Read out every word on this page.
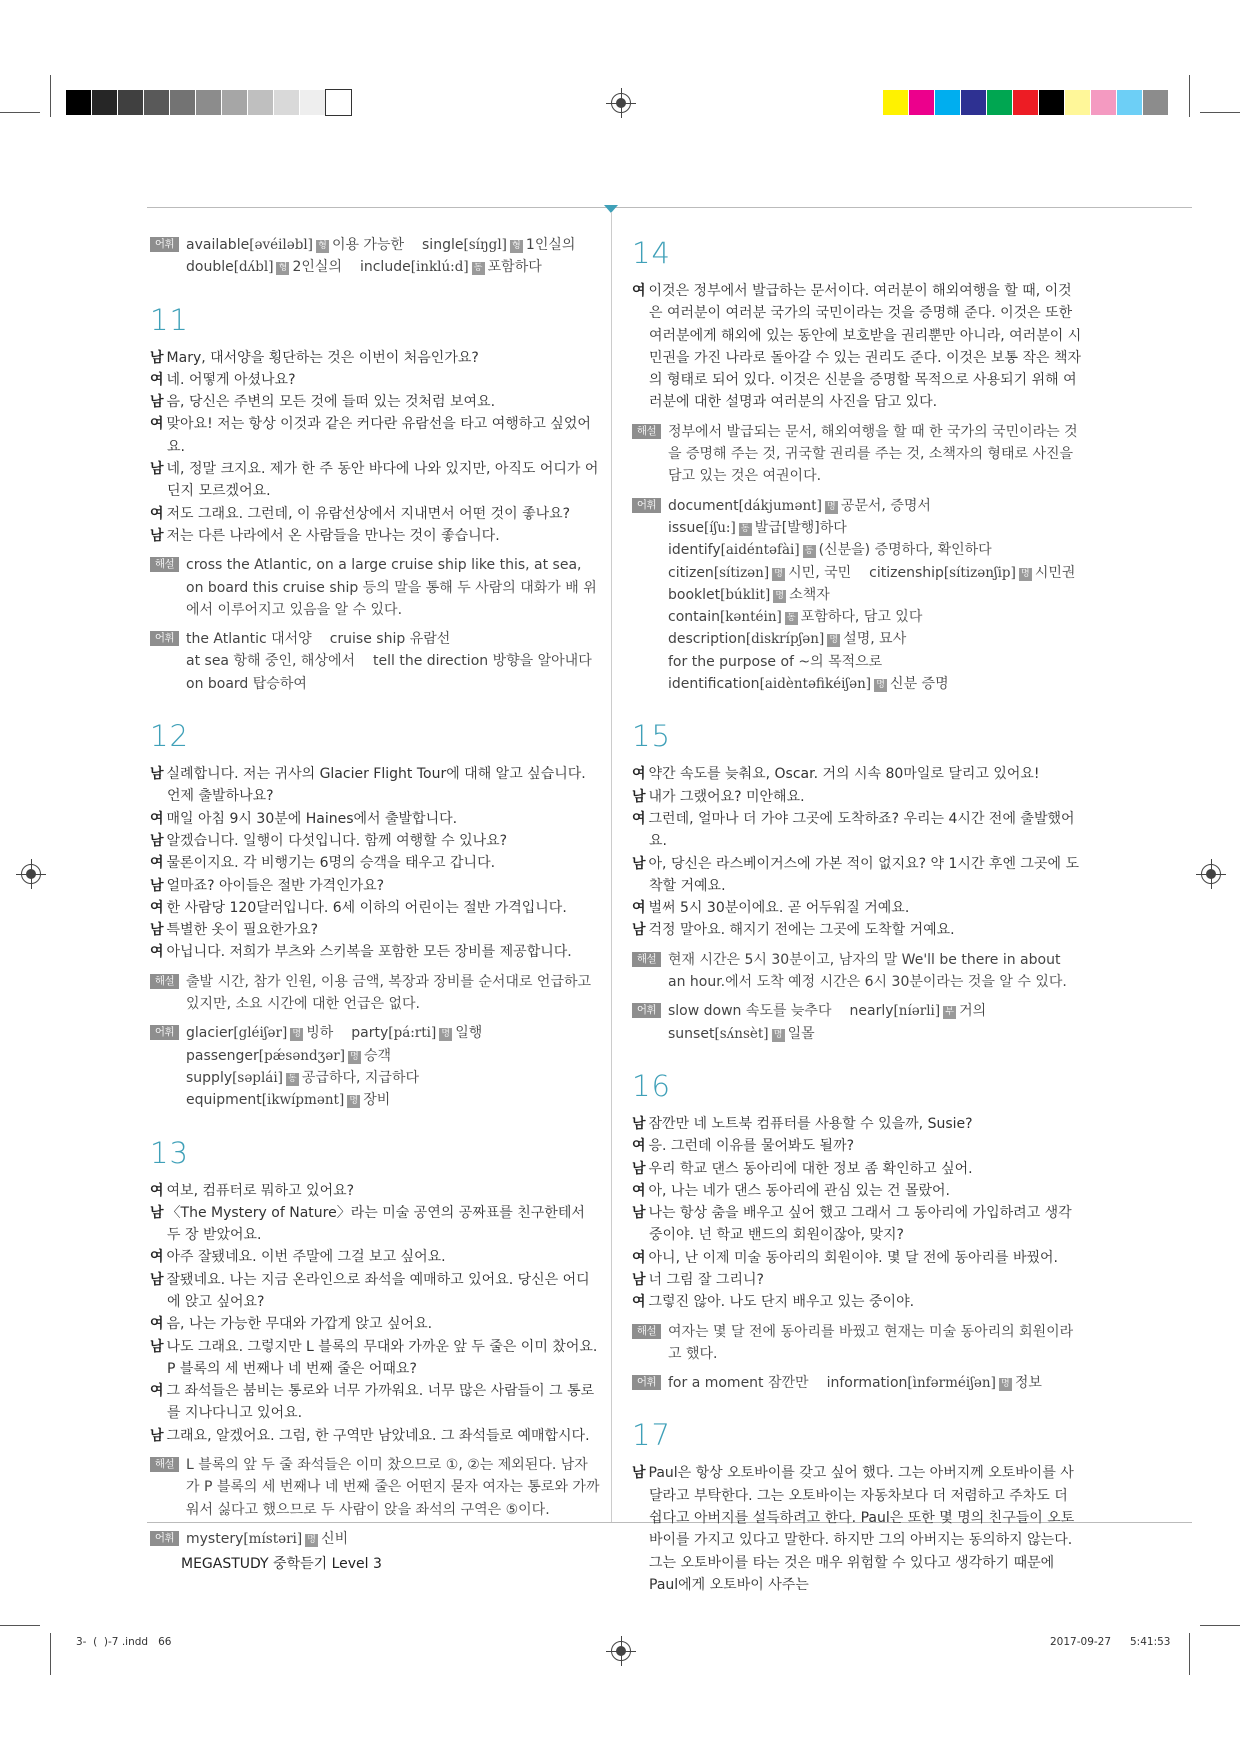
어휘 available[əvéiləbl] 형 이용 가능한 single[síŋgl] 형 1인실의
double[dʌ́bl] 형 2인실의 include[inklú:d] 동 포함하다
11
남 Mary, 대서양을 횡단하는 것은 이번이 처음인가요?
여 네. 어떻게 아셨나요?
남 음, 당신은 주변의 모든 것에 들떠 있는 것처럼 보여요.
여 맞아요! 저는 항상 이것과 같은 커다란 유람선을 타고 여행하고 싶었어요.
남 네, 정말 크지요. 제가 한 주 동안 바다에 나와 있지만, 아직도 어디가 어딘지 모르겠어요.
여 저도 그래요. 그런데, 이 유람선상에서 지내면서 어떤 것이 좋나요?
남 저는 다른 나라에서 온 사람들을 만나는 것이 좋습니다.
해설 cross the Atlantic, on a large cruise ship like this, at sea, on board this cruise ship 등의 말을 통해 두 사람의 대화가 배 위에서 이루어지고 있음을 알 수 있다.
어휘 the Atlantic 대서양 cruise ship 유람선
at sea 항해 중인, 해상에서 tell the direction 방향을 알아내다
on board 탑승하여
12
남 실례합니다. 저는 귀사의 Glacier Flight Tour에 대해 알고 싶습니다. 언제 출발하나요?
여 매일 아침 9시 30분에 Haines에서 출발합니다.
남 알겠습니다. 일행이 다섯입니다. 함께 여행할 수 있나요?
여 물론이지요. 각 비행기는 6명의 승객을 태우고 갑니다.
남 얼마죠? 아이들은 절반 가격인가요?
여 한 사람당 120달러입니다. 6세 이하의 어린이는 절반 가격입니다.
남 특별한 옷이 필요한가요?
여 아닙니다. 저희가 부츠와 스키복을 포함한 모든 장비를 제공합니다.
해설 출발 시간, 참가 인원, 이용 금액, 복장과 장비를 순서대로 언급하고 있지만, 소요 시간에 대한 언급은 없다.
어휘 glacier[gléiʃər] 명 빙하 party[pá:rti] 명 일행
passenger[pǽsəndʒər] 명 승객
supply[səplái] 동 공급하다, 지급하다
equipment[ikwípmənt] 명 장비
13
여 여보, 컴퓨터로 뭐하고 있어요?
남 〈The Mystery of Nature〉라는 미술 공연의 공짜표를 친구한테서 두 장 받았어요.
여 아주 잘됐네요. 이번 주말에 그걸 보고 싶어요.
남 잘됐네요. 나는 지금 온라인으로 좌석을 예매하고 있어요. 당신은 어디에 앉고 싶어요?
여 음, 나는 가능한 무대와 가깝게 앉고 싶어요.
남 나도 그래요. 그렇지만 L 블록의 무대와 가까운 앞 두 줄은 이미 찼어요. P 블록의 세 번째나 네 번째 줄은 어때요?
여 그 좌석들은 붐비는 통로와 너무 가까워요. 너무 많은 사람들이 그 통로를 지나다니고 있어요.
남 그래요, 알겠어요. 그럼, 한 구역만 남았네요. 그 좌석들로 예매합시다.
해설 L 블록의 앞 두 줄 좌석들은 이미 찼으므로 ①, ②는 제외된다. 남자가 P 블록의 세 번째나 네 번째 줄은 어떤지 묻자 여자는 통로와 가까워서 싫다고 했으므로 두 사람이 앉을 좌석의 구역은 ⑤이다.
어휘 mystery[místəri] 명 신비
14
여 이것은 정부에서 발급하는 문서이다. 여러분이 해외여행을 할 때, 이것은 여러분이 여러분 국가의 국민이라는 것을 증명해 준다. 이것은 또한 여러분에게 해외에 있는 동안에 보호받을 권리뿐만 아니라, 여러분이 시민권을 가진 나라로 돌아갈 수 있는 권리도 준다. 이것은 보통 작은 책자의 형태로 되어 있다. 이것은 신분을 증명할 목적으로 사용되기 위해 여러분에 대한 설명과 여러분의 사진을 담고 있다.
해설 정부에서 발급되는 문서, 해외여행을 할 때 한 국가의 국민이라는 것을 증명해 주는 것, 귀국할 권리를 주는 것, 소책자의 형태로 사진을 담고 있는 것은 여권이다.
어휘 document[dákjumənt] 명 공문서, 증명서issue[íʃu:] 동 발급[발행]하다
identify[aidéntəfài] 동 (신분을) 증명하다, 확인하다
citizen[sítizən] 명 시민, 국민 citizenship[sítizənʃip] 명 시민권
booklet[búklit] 명 소책자contain[kəntéin] 동 포함하다, 담고 있다
description[diskrípʃən] 명 설명, 묘사
for the purpose of ~의 목적으로
identification[aidèntəfikéiʃən] 명 신분 증명
15
여 약간 속도를 늦춰요, Oscar. 거의 시속 80마일로 달리고 있어요!
남 내가 그랬어요? 미안해요.
여 그런데, 얼마나 더 가야 그곳에 도착하죠? 우리는 4시간 전에 출발했어요.
남 아, 당신은 라스베이거스에 가본 적이 없지요? 약 1시간 후엔 그곳에 도착할 거예요.
여 벌써 5시 30분이에요. 곧 어두워질 거예요.
남 걱정 말아요. 해지기 전에는 그곳에 도착할 거예요.
해설 현재 시간은 5시 30분이고, 남자의 말 We'll be there in about an hour.에서 도착 예정 시간은 6시 30분이라는 것을 알 수 있다.
어휘 slow down 속도를 늦추다 nearly[níərli] 부 거의
sunset[sʌ́nsèt] 명 일몰
16
남 잠깐만 네 노트북 컴퓨터를 사용할 수 있을까, Susie?
여 응. 그런데 이유를 물어봐도 될까?
남 우리 학교 댄스 동아리에 대한 정보 좀 확인하고 싶어.
여 아, 나는 네가 댄스 동아리에 관심 있는 건 몰랐어.
남 나는 항상 춤을 배우고 싶어 했고 그래서 그 동아리에 가입하려고 생각 중이야. 넌 학교 밴드의 회원이잖아, 맞지?
여 아니, 난 이제 미술 동아리의 회원이야. 몇 달 전에 동아리를 바꿨어.
남 너 그림 잘 그리니?
여 그렇진 않아. 나도 단지 배우고 있는 중이야.
해설 여자는 몇 달 전에 동아리를 바꿨고 현재는 미술 동아리의 회원이라고 했다.
어휘 for a moment 잠깐만 information[ìnfərméiʃən] 명 정보
17
남 Paul은 항상 오토바이를 갖고 싶어 했다. 그는 아버지께 오토바이를 사달라고 부탁한다. 그는 오토바이는 자동차보다 더 저렴하고 주차도 더 쉽다고 아버지를 설득하려고 한다. Paul은 또한 몇 명의 친구들이 오토바이를 가지고 있다고 말한다. 하지만 그의 아버지는 동의하지 않는다. 그는 오토바이를 타는 것은 매우 위험할 수 있다고 생각하기 때문에 Paul에게 오토바이 사주는
MEGASTUDY 중학듣기 Level 3
3-  (  )-7 .indd   66	2017-09-27 5:41:53
